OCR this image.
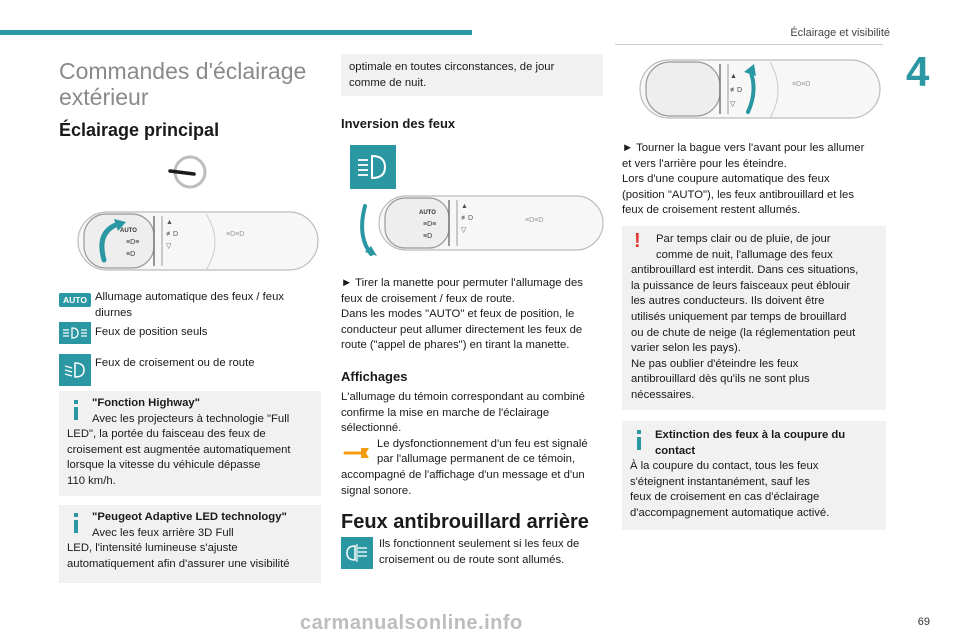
Éclairage et visibilité
4
Commandes d'éclairage
extérieur
Éclairage principal
AUTO
≡D≡
≡D
▲
≢D
▽
≡D≡D
AUTO Allumage automatique des feux / feux
diurnes
Feux de position seuls
Feux de croisement ou de route
"Fonction Highway"
Avec les projecteurs à technologie "Full
LED", la portée du faisceau des feux de
croisement est augmentée automatiquement
lorsque la vitesse du véhicule dépasse
110 km/h.
"Peugeot Adaptive LED technology"
Avec les feux arrière 3D Full
LED, l'intensité lumineuse s'ajuste
automatiquement afin d'assurer une visibilité
optimale en toutes circonstances, de jour
comme de nuit.
Inversion des feux
AUTO
≡D≡
≡D
▲
≢D
▽
≡D≡D
► Tirer la manette pour permuter l'allumage des
feux de croisement / feux de route.
Dans les modes "AUTO" et feux de position, le
conducteur peut allumer directement les feux de
route ("appel de phares") en tirant la manette.
Affichages
L'allumage du témoin correspondant au combiné
confirme la mise en marche de l'éclairage
sélectionné.
Le dysfonctionnement d'un feu est signalé
par l'allumage permanent de ce témoin,
accompagné de l'affichage d'un message et d'un
signal sonore.
Feux antibrouillard arrière
Ils fonctionnent seulement si les feux de
croisement ou de route sont allumés.
▲
≢D
▽
≡D≡D
► Tourner la bague vers l'avant pour les allumer
et vers l'arrière pour les éteindre.
Lors d'une coupure automatique des feux
(position "AUTO"), les feux antibrouillard et les
feux de croisement restent allumés.
!	Par temps clair ou de pluie, de jour
comme de nuit, l'allumage des feux
antibrouillard est interdit. Dans ces situations,
la puissance de leurs faisceaux peut éblouir
les autres conducteurs. Ils doivent être
utilisés uniquement par temps de brouillard
ou de chute de neige (la réglementation peut
varier selon les pays).
Ne pas oublier d'éteindre les feux
antibrouillard dès qu'ils ne sont plus
nécessaires.
Extinction des feux à la coupure du
contact
À la coupure du contact, tous les feux
s'éteignent instantanément, sauf les
feux de croisement en cas d'éclairage
d'accompagnement automatique activé.
carmanualsonline.info	69
